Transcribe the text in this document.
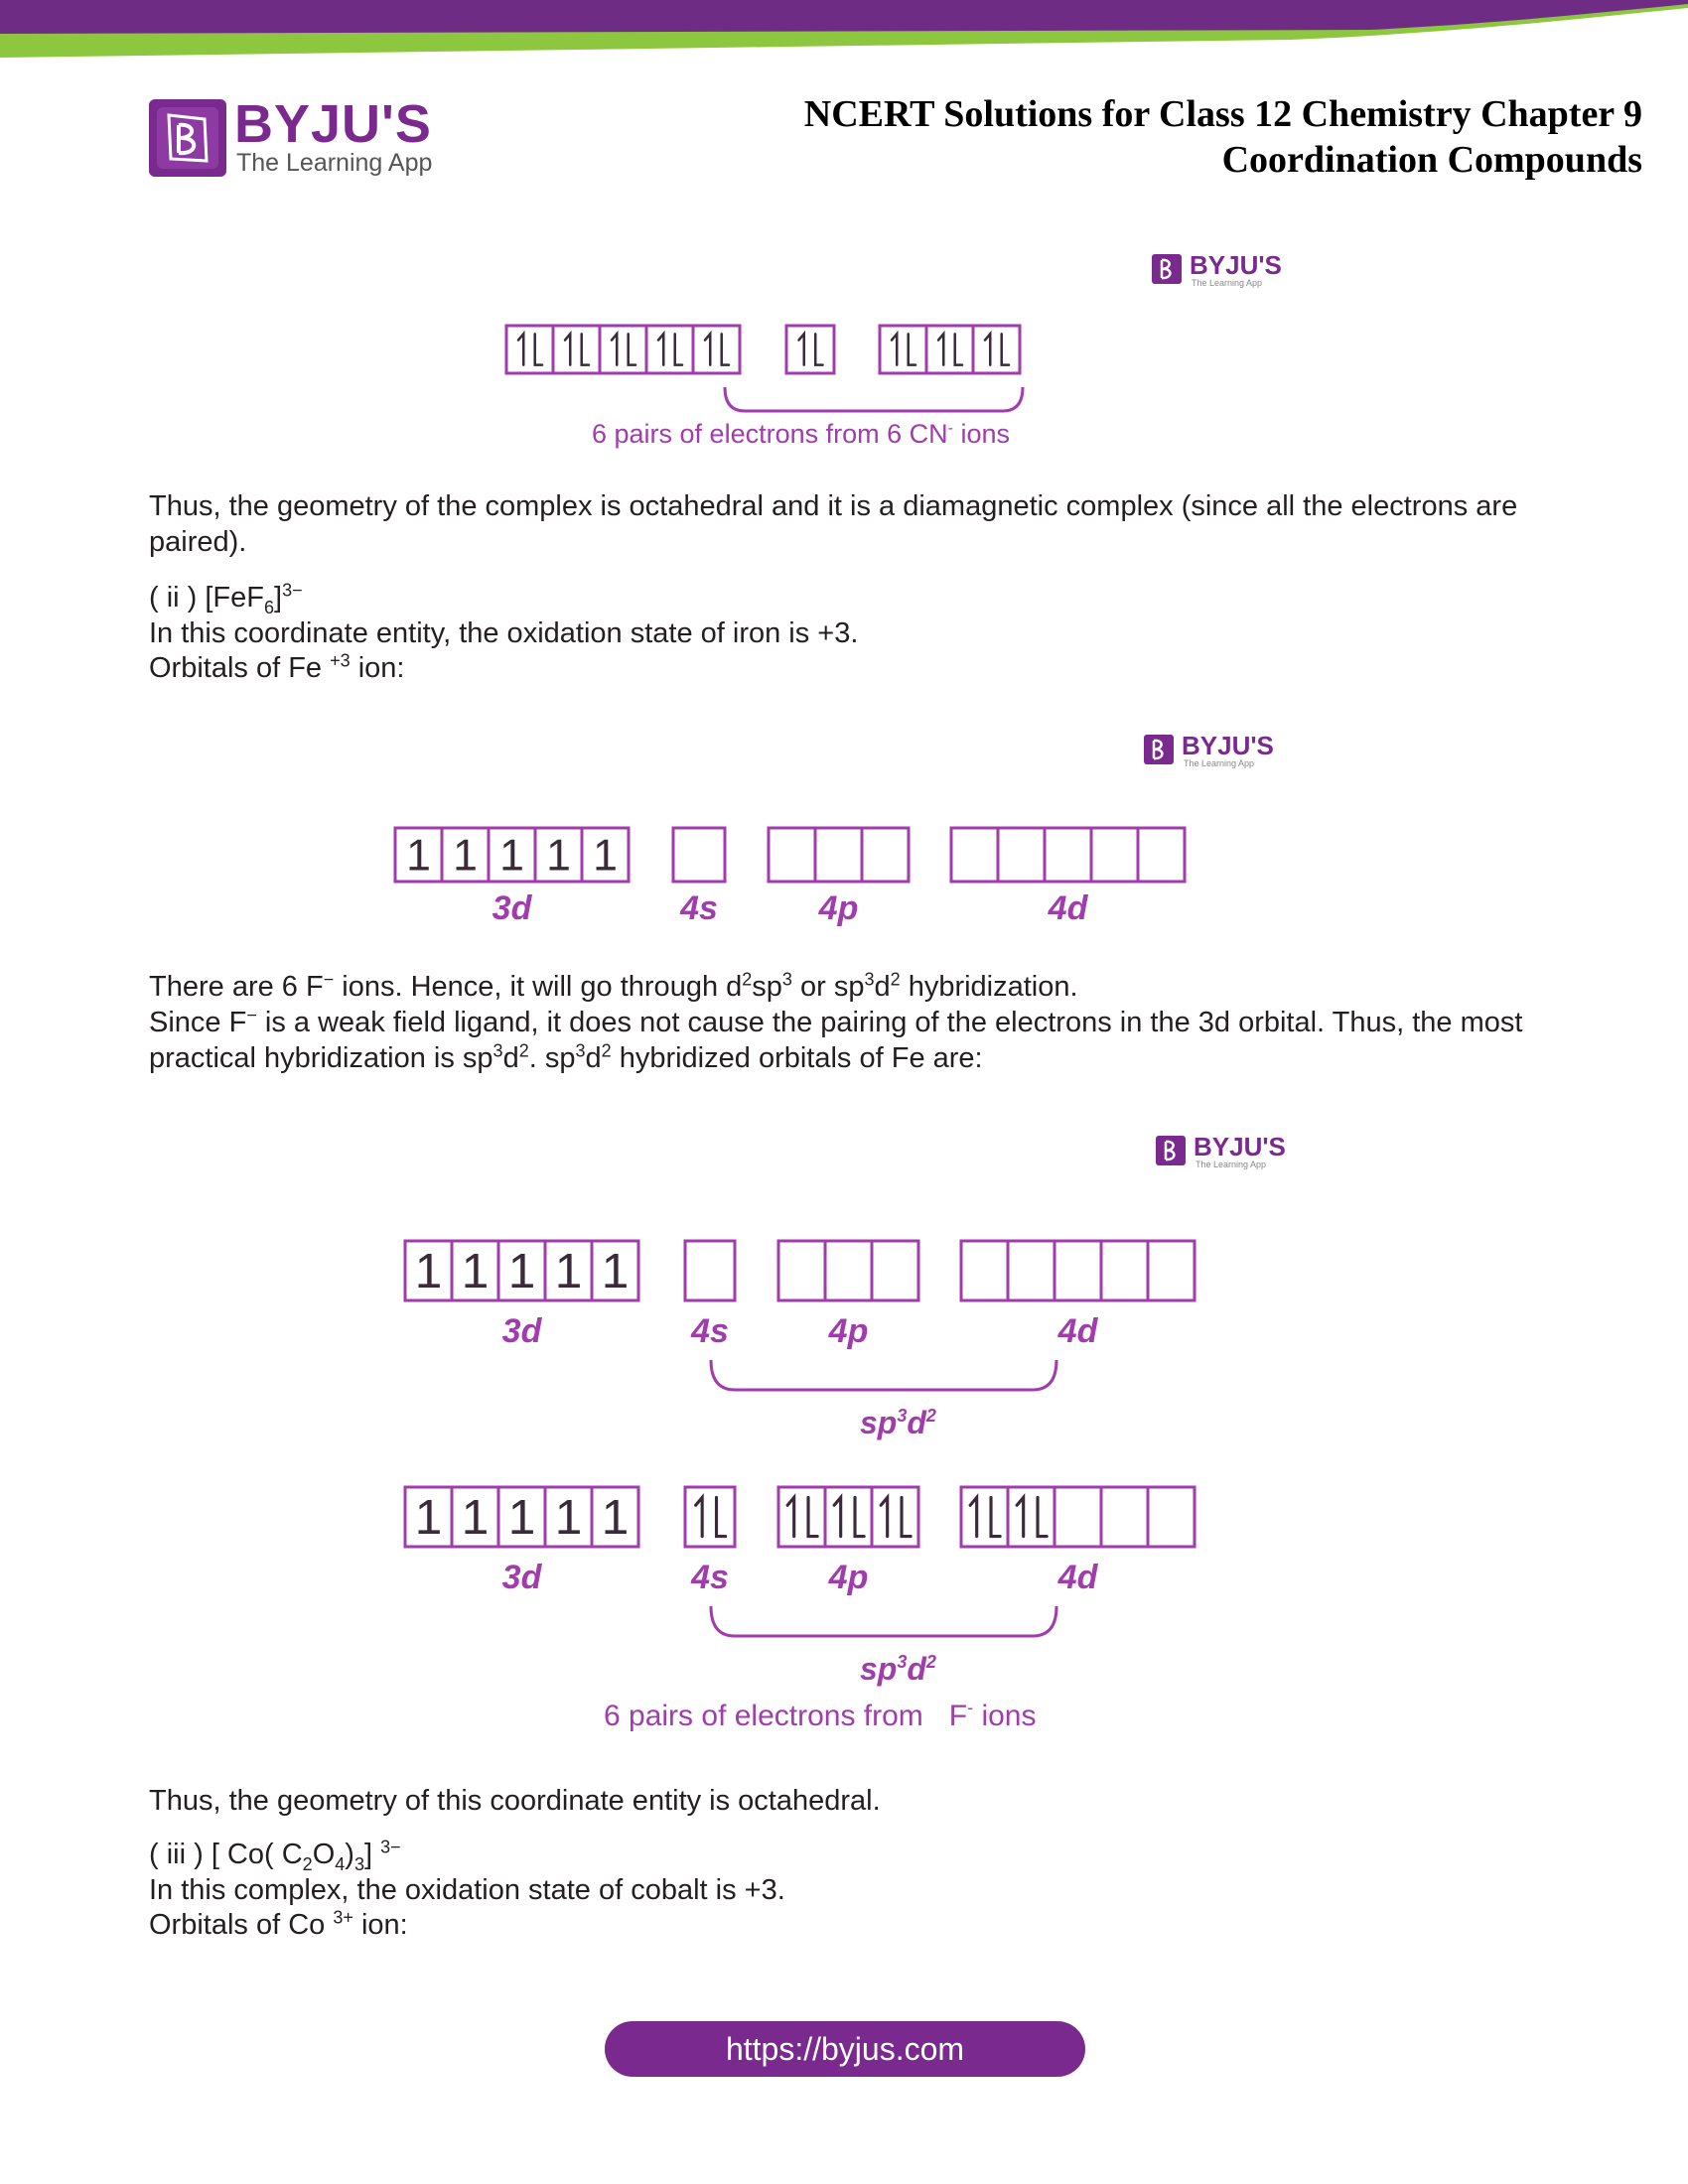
BYJU'S
The Learning App
NCERT Solutions for Class 12 Chemistry Chapter 9
Coordination Compounds
BYJU'S
The Learning App
6 pairs of electrons from 6 CN- ions
Thus, the geometry of the complex is octahedral and it is a diamagnetic complex (since all the electrons are paired).
( ii ) $[FeF_6]^{3-}$
In this coordinate entity, the oxidation state of iron is +3.
Orbitals of Fe $^{+3}$ ion:
BYJU'S
The Learning App
1 1 1 1 1
3d	4s	4p	4d
There are 6 F− ions. Hence, it will go through $d^2sp^3$ or $sp^3d^2$ hybridization.
Since F− is a weak field ligand, it does not cause the pairing of the electrons in the 3d orbital. Thus, the most practical hybridization is $sp^3d^2$. $sp^3d^2$ hybridized orbitals of Fe are:
BYJU'S
The Learning App
1 1 1 1 1
3d	4s	4p	4d
1 1 1 1 1
3d	4s	4p	4d
$sp^3d^2$
$sp^3d^2$
6 pairs of electrons from F- ions
Thus, the geometry of this coordinate entity is octahedral.
( iii ) [ Co( $C_2O_4)_3$] $^{3-}$
In this complex, the oxidation state of cobalt is +3.
Orbitals of Co $^{3+}$ ion:
https://byjus.com
